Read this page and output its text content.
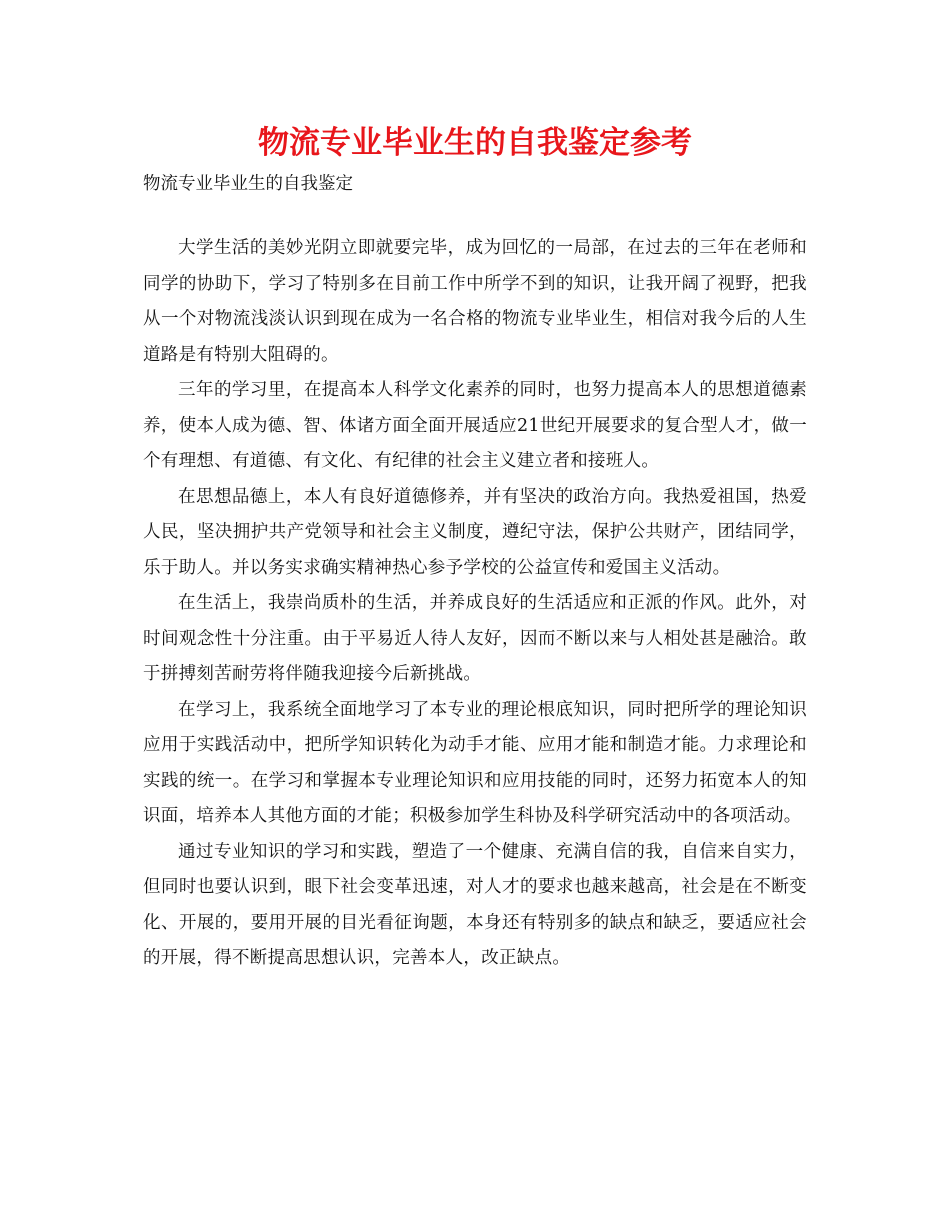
物流专业毕业生的自我鉴定参考

物流专业毕业生的自我鉴定

大学生活的美妙光阴立即就要完毕，成为回忆的一局部，在过去的三年在老师和同学的协助下，学习了特别多在目前工作中所学不到的知识，让我开阔了视野，把我从一个对物流浅淡认识到现在成为一名合格的物流专业毕业生，相信对我今后的人生道路是有特别大阻碍的。

三年的学习里，在提高本人科学文化素养的同时，也努力提高本人的思想道德素养，使本人成为德、智、体诸方面全面开展适应21世纪开展要求的复合型人才，做一个有理想、有道德、有文化、有纪律的社会主义建立者和接班人。

在思想品德上，本人有良好道德修养，并有坚决的政治方向。我热爱祖国，热爱人民，坚决拥护共产党领导和社会主义制度，遵纪守法，保护公共财产，团结同学，乐于助人。并以务实求确实精神热心参予学校的公益宣传和爱国主义活动。

在生活上，我崇尚质朴的生活，并养成良好的生活适应和正派的作风。此外，对时间观念性十分注重。由于平易近人待人友好，因而不断以来与人相处甚是融洽。敢于拼搏刻苦耐劳将伴随我迎接今后新挑战。

在学习上，我系统全面地学习了本专业的理论根底知识，同时把所学的理论知识应用于实践活动中，把所学知识转化为动手才能、应用才能和制造才能。力求理论和实践的统一。在学习和掌握本专业理论知识和应用技能的同时，还努力拓宽本人的知识面，培养本人其他方面的才能；积极参加学生科协及科学研究活动中的各项活动。

通过专业知识的学习和实践，塑造了一个健康、充满自信的我，自信来自实力，但同时也要认识到，眼下社会变革迅速，对人才的要求也越来越高，社会是在不断变化、开展的，要用开展的目光看征询题，本身还有特别多的缺点和缺乏，要适应社会的开展，得不断提高思想认识，完善本人，改正缺点。
